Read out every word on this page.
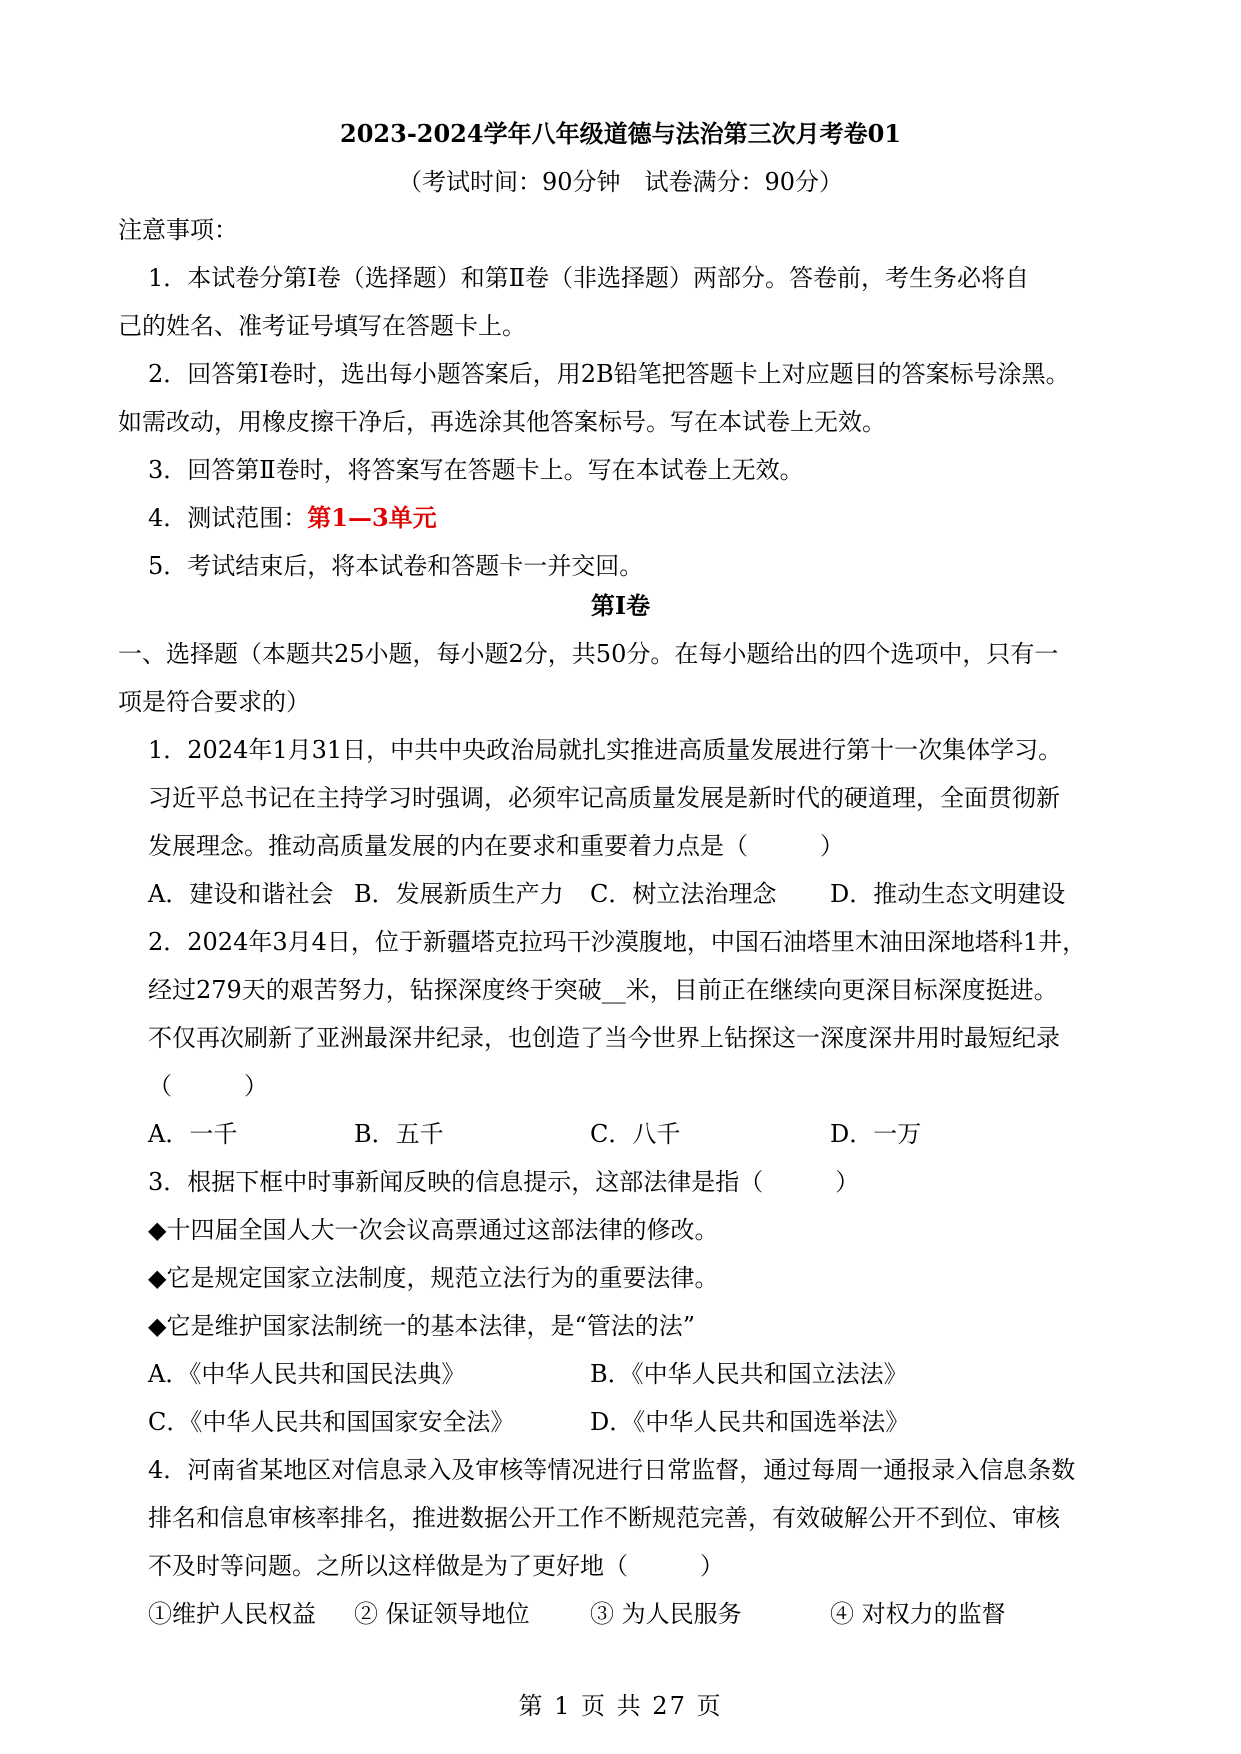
2023-2024学年八年级道德与法治第三次月考卷01
（考试时间：90分钟　试卷满分：90分）
注意事项：
1．本试卷分第Ⅰ卷（选择题）和第Ⅱ卷（非选择题）两部分。答卷前，考生务必将自
己的姓名、准考证号填写在答题卡上。
2．回答第Ⅰ卷时，选出每小题答案后，用2B铅笔把答题卡上对应题目的答案标号涂黑。
如需改动，用橡皮擦干净后，再选涂其他答案标号。写在本试卷上无效。
3．回答第Ⅱ卷时，将答案写在答题卡上。写在本试卷上无效。
4．测试范围：第1—3单元
5．考试结束后，将本试卷和答题卡一并交回。
第Ⅰ卷
一、选择题（本题共25小题，每小题2分，共50分。在每小题给出的四个选项中，只有一
项是符合要求的）
1．2024年1月31日，中共中央政治局就扎实推进高质量发展进行第十一次集体学习。
习近平总书记在主持学习时强调，必须牢记高质量发展是新时代的硬道理，全面贯彻新
发展理念。推动高质量发展的内在要求和重要着力点是（　　　）
A．建设和谐社会 B．发展新质生产力 C．树立法治理念 D．推动生态文明建设
2．2024年3月4日，位于新疆塔克拉玛干沙漠腹地，中国石油塔里木油田深地塔科1井，
经过279天的艰苦努力，钻探深度终于突破__米，目前正在继续向更深目标深度挺进。
不仅再次刷新了亚洲最深井纪录，也创造了当今世界上钻探这一深度深井用时最短纪录
（　　　）
A．一千	B．五千	C．八千	D．一万
3．根据下框中时事新闻反映的信息提示，这部法律是指（　　　）
◆十四届全国人大一次会议高票通过这部法律的修改。
◆它是规定国家立法制度，规范立法行为的重要法律。
◆它是维护国家法制统一的基本法律，是“管法的法”
A．《中华人民共和国民法典》	B．《中华人民共和国立法法》
C．《中华人民共和国国家安全法》	D．《中华人民共和国选举法》
4．河南省某地区对信息录入及审核等情况进行日常监督，通过每周一通报录入信息条数
排名和信息审核率排名，推进数据公开工作不断规范完善，有效破解公开不到位、审核
不及时等问题。之所以这样做是为了更好地（　　　）
①维护人民权益 ② 保证领导地位	③ 为人民服务	④ 对权力的监督
第 1 页 共 27 页
